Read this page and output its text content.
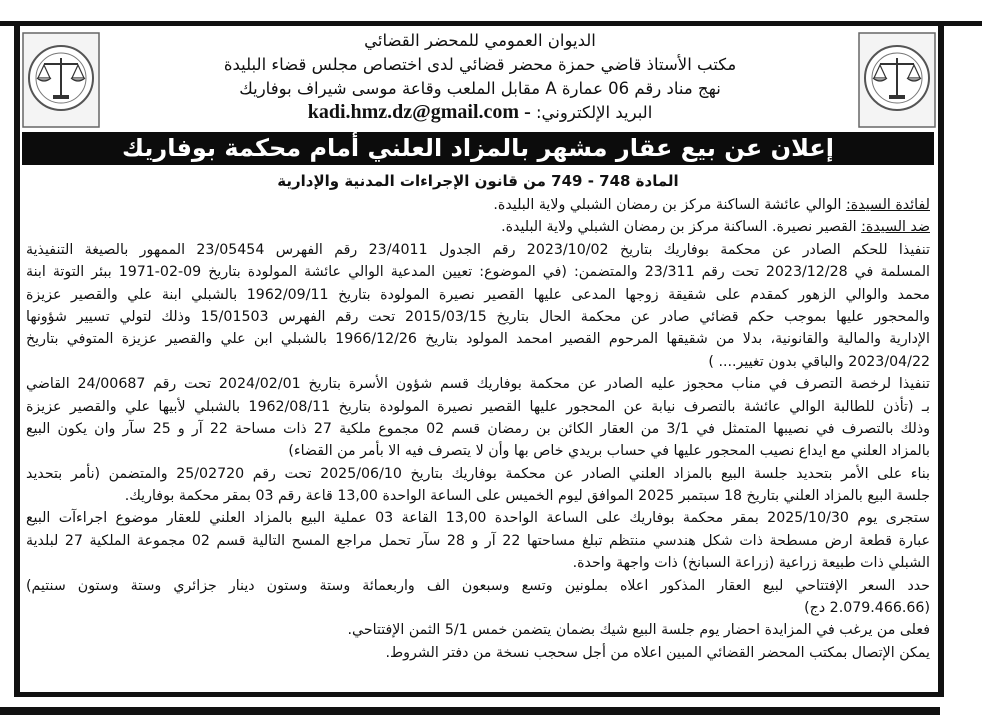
الديوان العمومي للمحضر القضائي
مكتب الأستاذ قاضي حمزة محضر قضائي لدى اختصاص مجلس قضاء البليدة
نهج مناد رقم 06 عمارة A مقابل الملعب وقاعة موسى شيراف بوفاريك
البريد الإلكتروني: kadi.hmz.dz@gmail.com -
إعلان عن بيع عقار مشهر بالمزاد العلني أمام محكمة بوفاريك
المادة 748 - 749 من قانون الإجراءات المدنية والإدارية
لفائدة السيدة: الوالي عائشة الساكنة مركز بن رمضان الشبلي ولاية البليدة.
ضد السيدة: القصير نصيرة. الساكنة مركز بن رمضان الشبلي ولاية البليدة.
تنفيذا للحكم الصادر عن محكمة بوفاريك بتاريخ 2023/10/02 رقم الجدول 23/4011 رقم الفهرس 23/05454 الممهور بالصيغة التنفيذية
المسلمة في 2023/12/28 تحت رقم 23/311 والمتضمن: (في الموضوع: تعيين المدعية الوالي عائشة المولودة بتاريخ 09-02-1971 ببئر التوتة ابنة
محمد والوالي الزهور كمقدم على شقيقة زوجها المدعى عليها القصير نصيرة المولودة بتاريخ 1962/09/11 بالشبلي ابنة علي والقصير عزيزة
والمحجور عليها بموجب حكم قضائي صادر عن محكمة الحال بتاريخ 2015/03/15 تحت رقم الفهرس 15/01503 وذلك لتولي تسيير شؤونها
الإدارية والمالية والقانونية، بدلا من شقيقها المرحوم القصير امحمد المولود بتاريخ 1966/12/26 بالشبلي ابن علي والقصير عزيزة المتوفي بتاريخ
2023/04/22 والباقي بدون تغيير.... )
تنفيذا لرخصة التصرف في مناب محجوز عليه الصادر عن محكمة بوفاريك قسم شؤون الأسرة بتاريخ 2024/02/01 تحت رقم 24/00687 القاضي
بـ (تأذن للطالبة الوالي عائشة بالتصرف نيابة عن المحجور عليها القصير نصيرة المولودة بتاريخ 1962/08/11 بالشبلي لأبيها علي والقصير عزيزة
وذلك بالتصرف في نصيبها المتمثل في 3/1 من العقار الكائن بن رمضان قسم 02 مجموع ملكية 27 ذات مساحة 22 آر و 25 سآر وان يكون البيع
بالمزاد العلني مع ايداع نصيب المحجور عليها في حساب بريدي خاص بها وأن لا يتصرف فيه الا بأمر من القضاء)
بناء على الأمر بتحديد جلسة البيع بالمزاد العلني الصادر عن محكمة بوفاريك بتاريخ 2025/06/10 تحت رقم 25/02720 والمتضمن (نأمر بتحديد
جلسة البيع بالمزاد العلني بتاريخ 18 سبتمبر 2025 الموافق ليوم الخميس على الساعة الواحدة 13,00 قاعة رقم 03 بمقر محكمة بوفاريك.
ستجرى يوم 2025/10/30 بمقر محكمة بوفاريك على الساعة الواحدة 13,00 القاعة 03 عملية البيع بالمزاد العلني للعقار موضوع اجراءآت البيع
عبارة قطعة ارض مسطحة ذات شكل هندسي منتظم تبلغ مساحتها 22 آر و 28 سآر تحمل مراجع المسح التالية قسم 02 مجموعة الملكية 27 لبلدية
الشبلي ذات طبيعة زراعية (زراعة السبانخ) ذات واجهة واحدة.
حدد السعر الإفتتاحي لبيع العقار المذكور اعلاه بملونين وتسع وسبعون الف واربعمائة وستة وستون دينار جزائري وستة وستون سنتيم)
(2.079.466.66 دج)
فعلى من يرغب في المزايدة احضار يوم جلسة البيع شيك بضمان يتضمن خمس 5/1 الثمن الإفتتاحي.
يمكن الإتصال بمكتب المحضر القضائي المبين اعلاه من أجل سحجب نسخة من دفتر الشروط.
